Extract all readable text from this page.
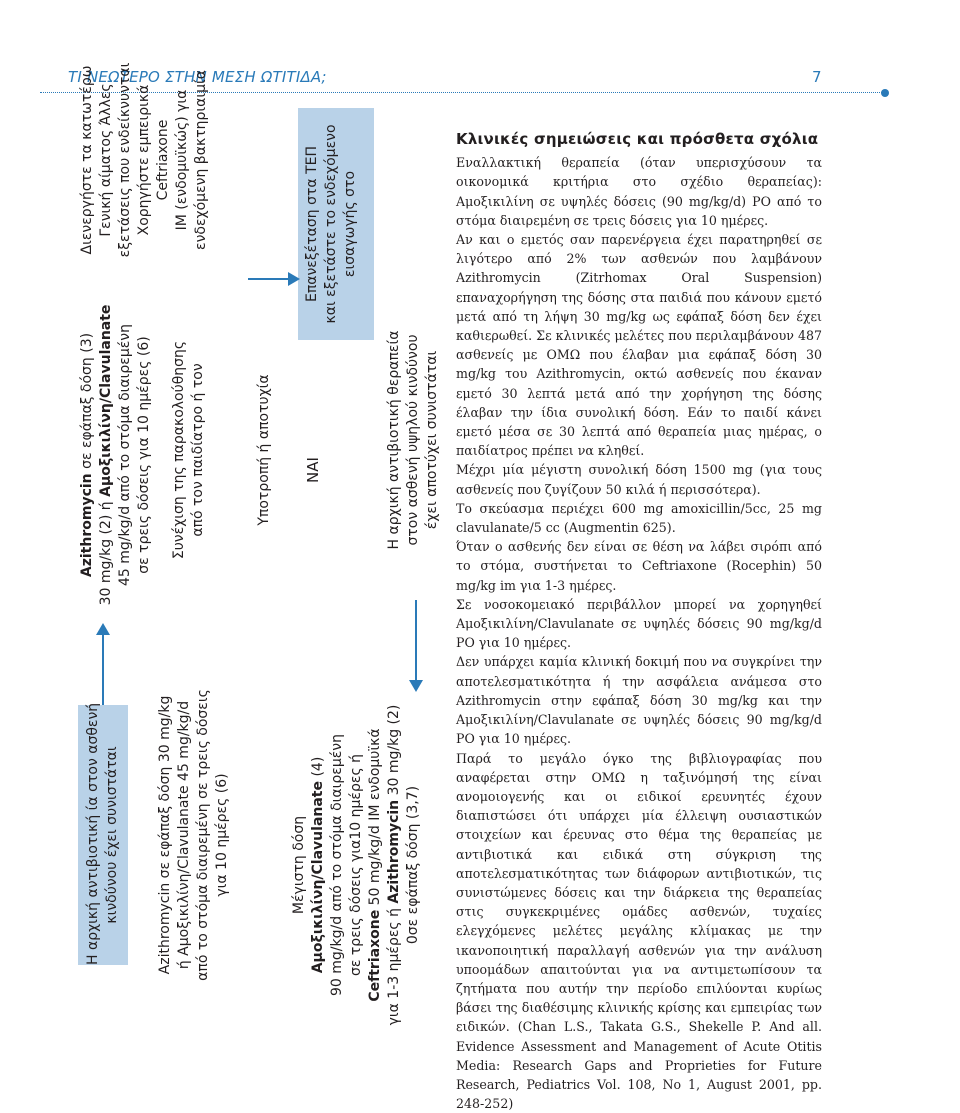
ΤΙ ΝΕΩΤΕΡΟ ΣΤΗΝ ΜΕΣΗ ΩΤΙΤΙΔΑ;	7
Η αρχική αντιβιοτική ία στον ασθενή κινδύνου έχει συνιστάται	Azithromycin σε εφάπαξ δόση 30 mg/kg ή Αμοξικιλίνη/Clavulanate 45 mg/kg/d από το στόμα διαιρεμένη σε τρεις δόσεις για 10 ημέρες (6)
Azithromycin σε εφάπαξ δόση (3)
30 mg/kg (2) ή Αμοξικιλίνη/Clavulanate 45 mg/kg/d από το στόμα διαιρεμένη σε τρεις δόσεις για 10 ημέρες (6)
Διενεργήστε τα κατωτέρω Γενική αίματος Άλλες εξετάσεις που ενδείκνυνται Χορηγήστε εμπειρικά Ceftriaxone IM (ενδομυϊκώς) για ενδεχόμενη βακτηριαιμία
Συνέχιση της παρακολούθησης από τον παιδίατρο ή τον	Υποτροπή ή αποτυχία
Επανεξέταση στα ΤΕΠ και εξετάστε το ενδεχόμενο εισαγωγής στο
ΝΑΙ
Μέγιστη δόση Αμοξικιλίνη/Clavulanate (4) 90 mg/kg/d από το στόμα διαιρεμένη σε τρεις δόσεις για10 ημέρες ή Ceftriaxone 50 mg/kg/d IM ενδομυϊκά
για 1-3 ημέρες ή Azithromycin 30 mg/kg (2)
0σε εφάπαξ δόση (3,7)
Η αρχική αντιβιοτική θεραπεία στον ασθενή υψηλού κινδύνου έχει αποτύχει συνιστάται
Κλινικές σημειώσεις και πρόσθετα σχόλια

Εναλλακτική θεραπεία (όταν υπερισχύσουν τα οικονομικά κριτήρια στο σχέδιο θεραπείας): Αμοξικιλίνη σε υψηλές δόσεις (90 mg/kg/d) PO από το στόμα διαιρεμένη σε τρεις δόσεις για 10 ημέρες.

Αν και ο εμετός σαν παρενέργεια έχει παρατηρηθεί σε λιγότερο από 2% των ασθενών που λαμβάνουν Azithromycin (Zitrhomax Oral Suspension) επαναχορήγηση της δόσης στα παιδιά που κάνουν εμετό μετά από τη λήψη 30 mg/kg ως εφάπαξ δόση δεν έχει καθιερωθεί. Σε κλινικές μελέτες που περιλαμβάνουν 487 ασθενείς με ΟΜΩ που έλαβαν μια εφάπαξ δόση 30 mg/kg του Azithromycin, οκτώ ασθενείς που έκαναν εμετό 30 λεπτά μετά από την χορήγηση της δόσης έλαβαν την ίδια συνολική δόση. Εάν το παιδί κάνει εμετό μέσα σε 30 λεπτά από θεραπεία μιας ημέρας, ο παιδίατρος πρέπει να κληθεί.

Μέχρι μία μέγιστη συνολική δόση 1500 mg (για τους ασθενείς που ζυγίζουν 50 κιλά ή περισσότερα).

Το σκεύασμα περιέχει 600 mg amoxicillin/5cc, 25 mg clavulanate/5 cc (Augmentin 625).

Όταν ο ασθενής δεν είναι σε θέση να λάβει σιρόπι από το στόμα, συστήνεται το Ceftriaxone (Rocephin) 50 mg/kg im για 1-3 ημέρες.

Σε νοσοκομειακό περιβάλλον μπορεί να χορηγηθεί Αμοξικιλίνη/Clavulanate σε υψηλές δόσεις 90 mg/kg/d PO για 10 ημέρες.

Δεν υπάρχει καμία κλινική δοκιμή που να συγκρίνει την αποτελεσματικότητα ή την ασφάλεια ανάμεσα στο Azithromycin στην εφάπαξ δόση 30 mg/kg και την Αμοξικιλίνη/Clavulanate σε υψηλές δόσεις 90 mg/kg/d PO για 10 ημέρες.

Παρά το μεγάλο όγκο της βιβλιογραφίας που αναφέρεται στην ΟΜΩ η ταξινόμησή της είναι ανομοιογενής και οι ειδικοί ερευνητές έχουν διαπιστώσει ότι υπάρχει μία έλλειψη ουσιαστικών στοιχείων και έρευνας στο θέμα της θεραπείας με αντιβιοτικά και ειδικά στη σύγκριση της αποτελεσματικότητας των διάφορων αντιβιοτικών, τις συνιστώμενες δόσεις και την διάρκεια της θεραπείας στις συγκεκριμένες ομάδες ασθενών, τυχαίες ελεγχόμενες μελέτες μεγάλης κλίμακας με την ικανοποιητική παραλλαγή ασθενών για την ανάλυση υποομάδων απαιτούνται για να αντιμετωπίσουν τα ζητήματα που αυτήν την περίοδο επιλύονται κυρίως βάσει της διαθέσιμης κλινικής κρίσης και εμπειρίας των ειδικών. (Chan L.S., Takata G.S., Shekelle P. And all. Evidence Assessment and Management of Acute Otitis Media: Research Gaps and Proprieties for Future Research, Pediatrics Vol. 108, No 1, August 2001, pp. 248-252)
